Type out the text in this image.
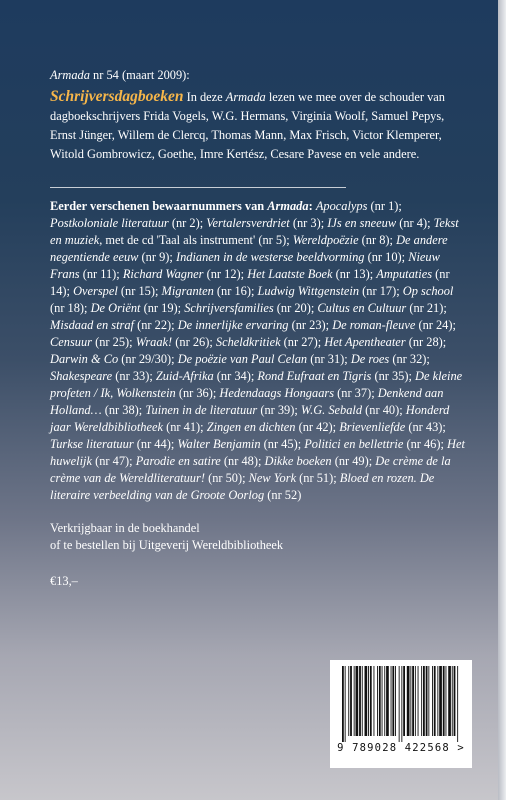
Armada nr 54 (maart 2009):

Schrijversdagboeken In deze Armada lezen we mee over de schouder van dagboekschrijvers Frida Vogels, W.G. Hermans, Virginia Woolf, Samuel Pepys, Ernst Jünger, Willem de Clercq, Thomas Mann, Max Frisch, Victor Klemperer, Witold Gombrowicz, Goethe, Imre Kertész, Cesare Pavese en vele andere.
Eerder verschenen bewaarnummers van Armada: Apocalyps (nr 1); Postkoloniale literatuur (nr 2); Vertalersverdriet (nr 3); IJs en sneeuw (nr 4); Tekst en muziek, met de cd 'Taal als instrument' (nr 5); Wereldpoëzie (nr 8); De andere negentiende eeuw (nr 9); Indianen in de westerse beeldvorming (nr 10); Nieuw Frans (nr 11); Richard Wagner (nr 12); Het Laatste Boek (nr 13); Amputaties (nr 14); Overspel (nr 15); Migranten (nr 16); Ludwig Wittgenstein (nr 17); Op school (nr 18); De Oriënt (nr 19); Schrijversfamilies (nr 20); Cultus en Cultuur (nr 21); Misdaad en straf (nr 22); De innerlijke ervaring (nr 23); De roman-fleuve (nr 24); Censuur (nr 25); Wraak! (nr 26); Scheldkritiek (nr 27); Het Apentheater (nr 28); Darwin & Co (nr 29/30); De poëzie van Paul Celan (nr 31); De roes (nr 32); Shakespeare (nr 33); Zuid-Afrika (nr 34); Rond Eufraat en Tigris (nr 35); De kleine profeten / Ik, Wolkenstein (nr 36); Hedendaags Hongaars (nr 37); Denkend aan Holland… (nr 38); Tuinen in de literatuur (nr 39); W.G. Sebald (nr 40); Honderd jaar Wereldbibliotheek (nr 41); Zingen en dichten (nr 42); Brievenliefde (nr 43); Turkse literatuur (nr 44); Walter Benjamin (nr 45); Politici en bellettrie (nr 46); Het huwelijk (nr 47); Parodie en satire (nr 48); Dikke boeken (nr 49); De crème de la crème van de Wereldliteratuur! (nr 50); New York (nr 51); Bloed en rozen. De literaire verbeelding van de Groote Oorlog (nr 52)
Verkrijgbaar in de boekhandel
of te bestellen bij Uitgeverij Wereldbibliotheek
€13,–
9 789028 422568 >
